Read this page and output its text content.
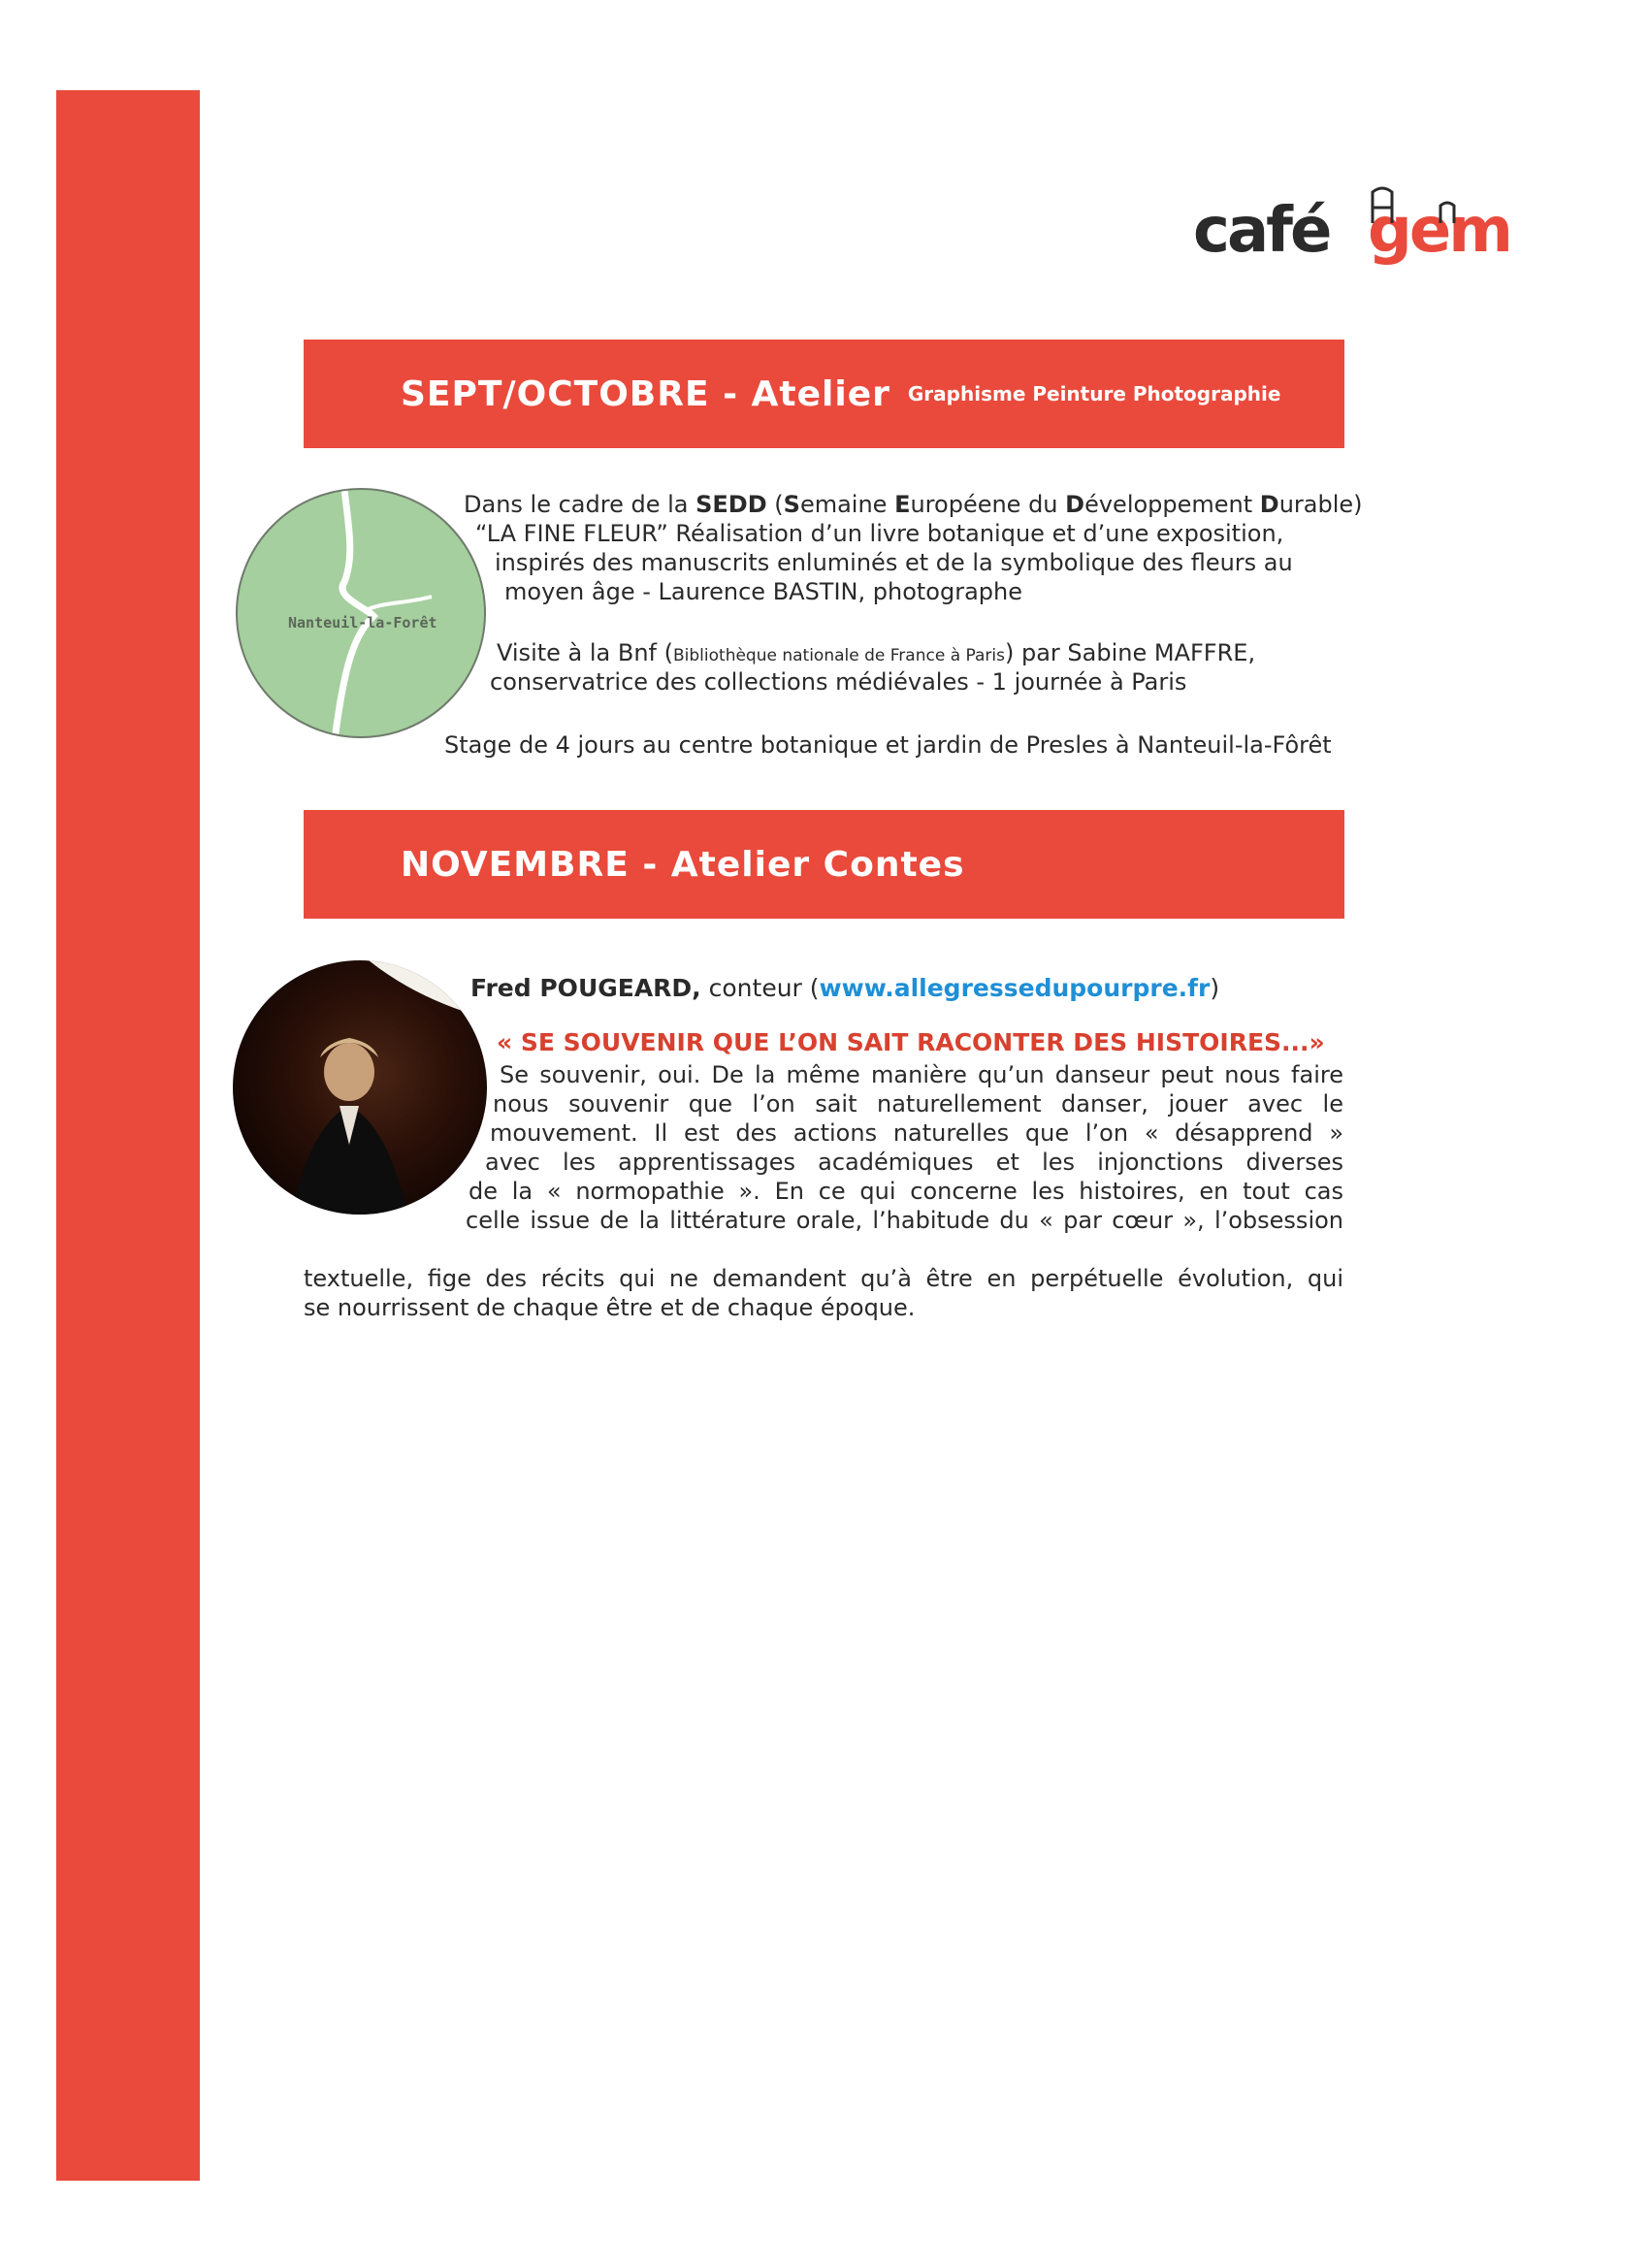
café gem
SEPT/OCTOBRE - Atelier Graphisme Peinture Photographie
Nanteuil-la-Forêt
Dans le cadre de la SEDD (Semaine Européene du Développement Durable)
“LA FINE FLEUR” Réalisation d’un livre botanique et d’une exposition,
inspirés des manuscrits enluminés et de la symbolique des fleurs au
moyen âge - Laurence BASTIN, photographe
Visite à la Bnf (Bibliothèque nationale de France à Paris) par Sabine MAFFRE,
conservatrice des collections médiévales - 1 journée à Paris
Stage de 4 jours au centre botanique et jardin de Presles à Nanteuil-la-Fôrêt
NOVEMBRE - Atelier Contes
Fred POUGEARD, conteur (www.allegressedupourpre.fr)
« SE SOUVENIR QUE L’ON SAIT RACONTER DES HISTOIRES...»
Se souvenir, oui. De la même manière qu’un danseur peut nous faire
nous souvenir que l’on sait naturellement danser, jouer avec le
mouvement. Il est des actions naturelles que l’on « désapprend »
avec les apprentissages académiques et les injonctions diverses
de la « normopathie ». En ce qui concerne les histoires, en tout cas
celle issue de la littérature orale, l’habitude du « par cœur », l’obsession
textuelle, fige des récits qui ne demandent qu’à être en perpétuelle évolution, qui
se nourrissent de chaque être et de chaque époque.
